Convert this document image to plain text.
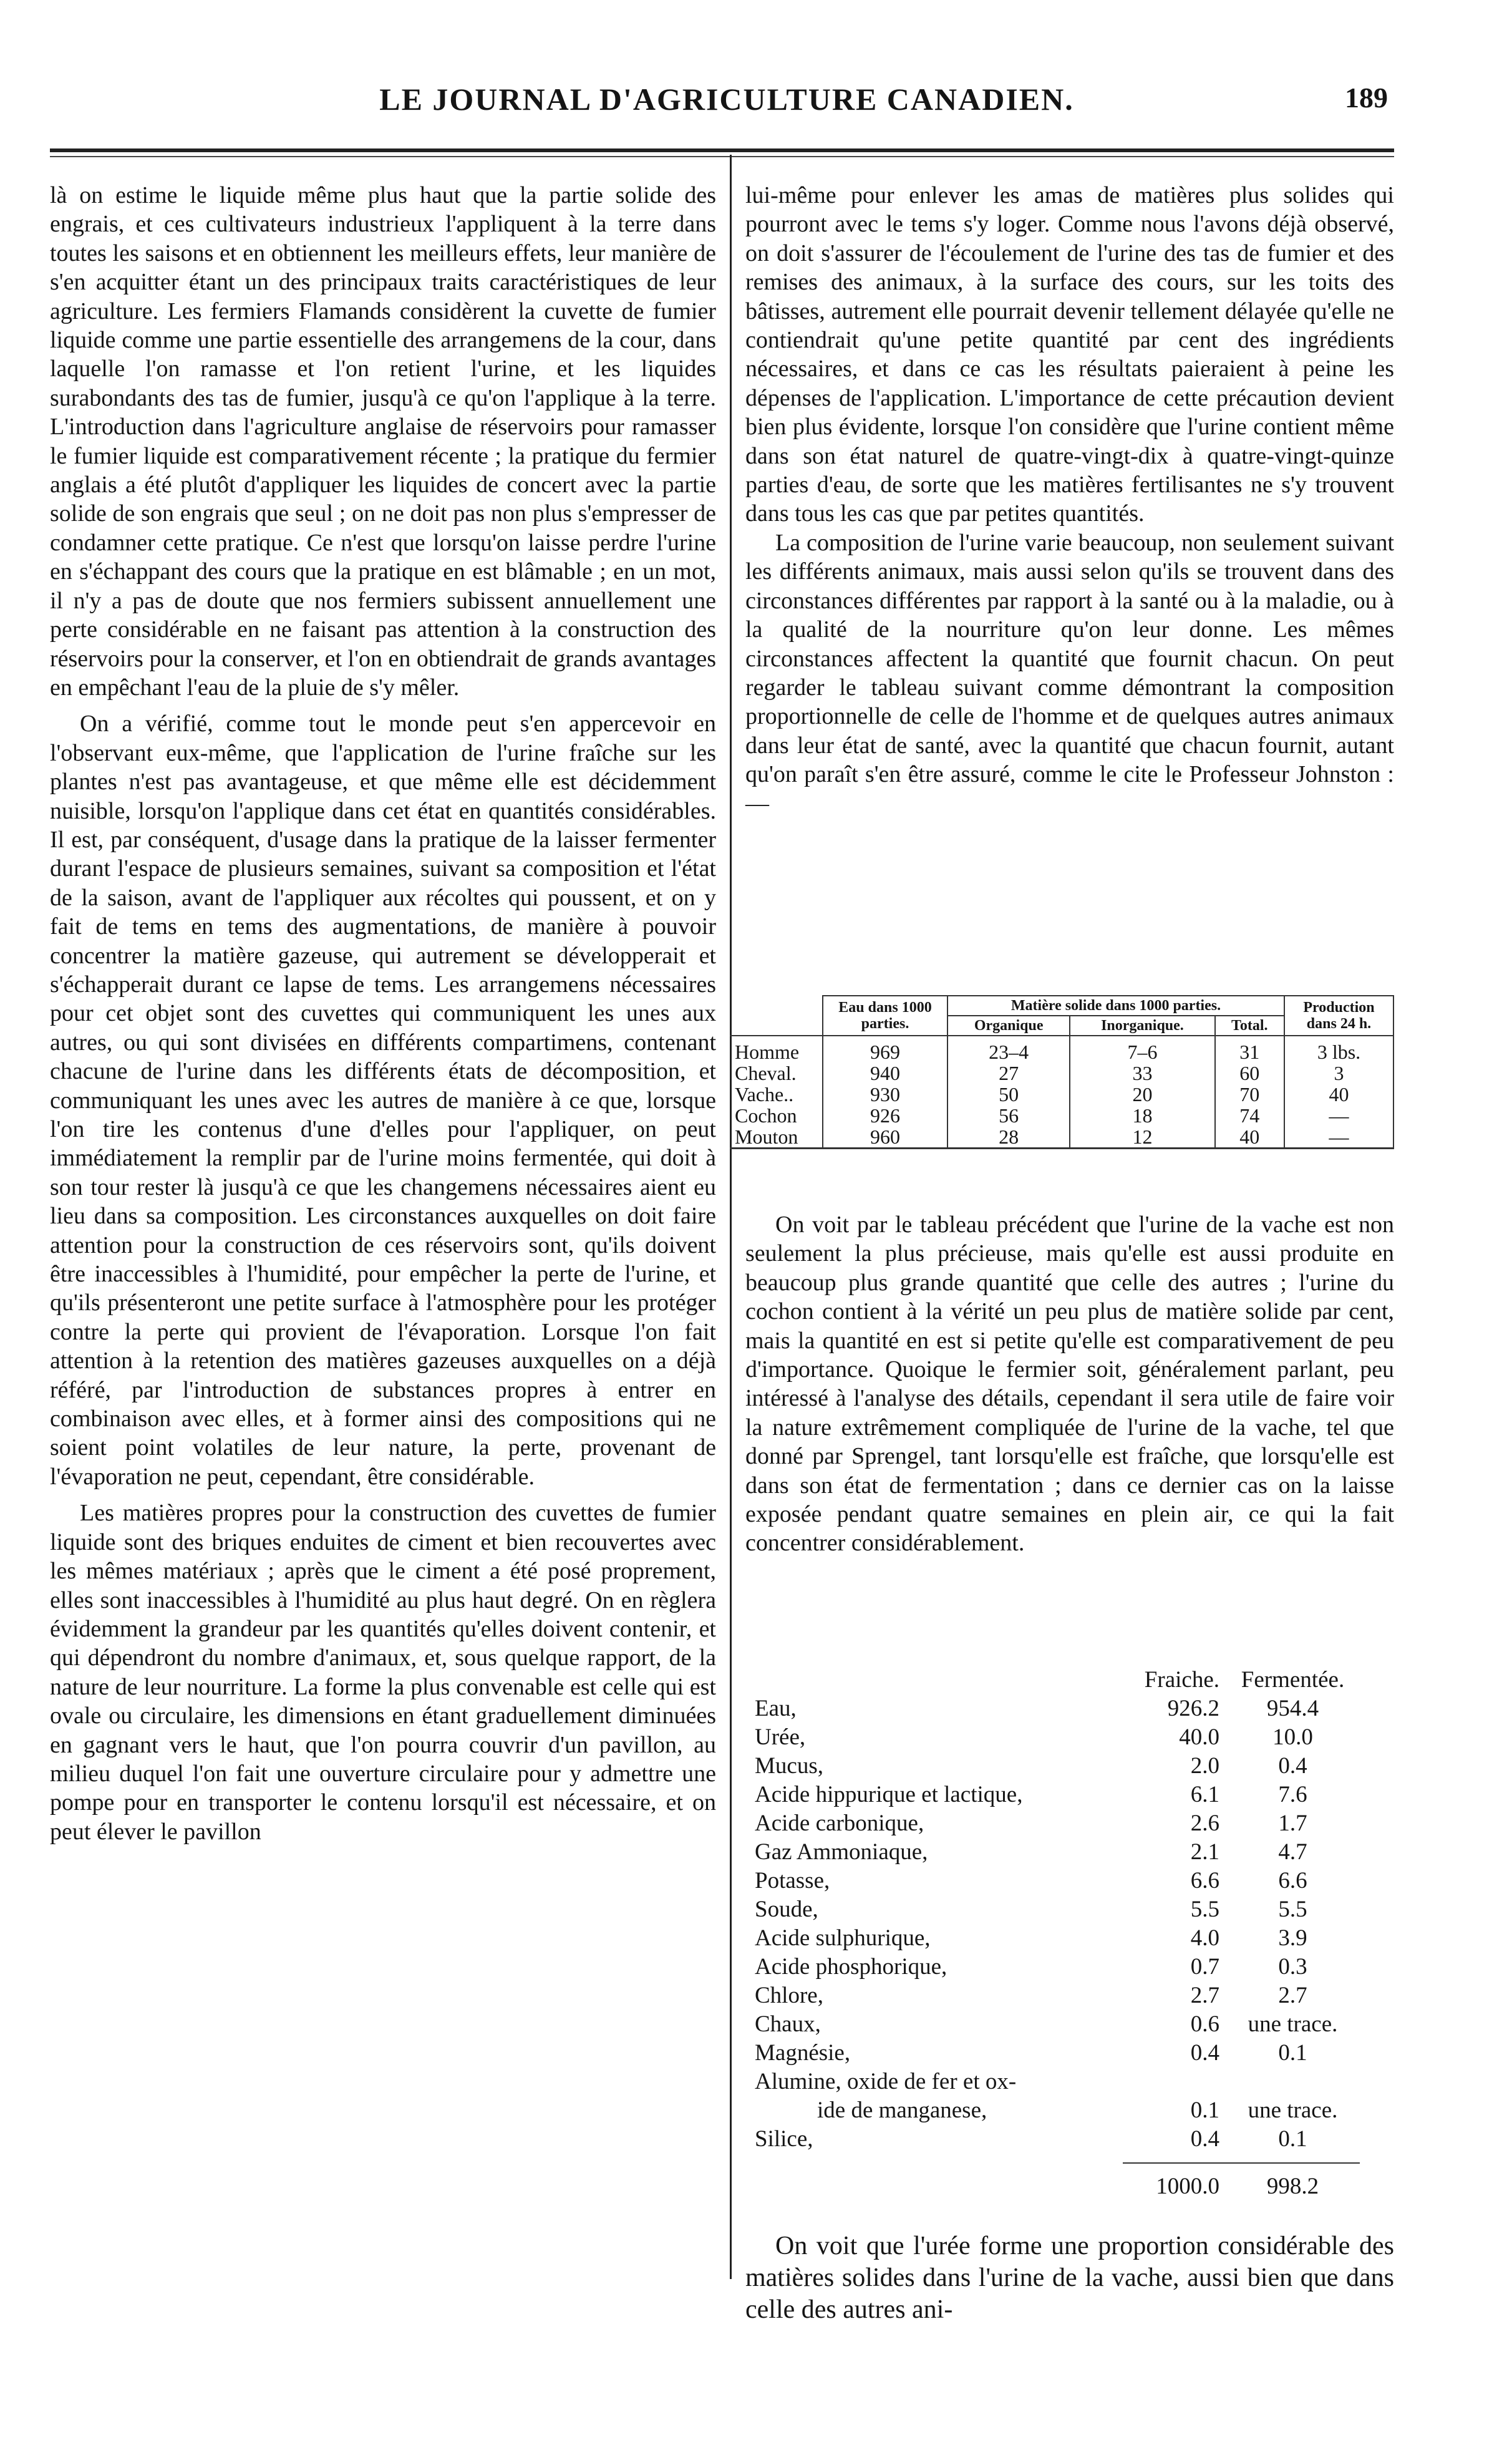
LE JOURNAL D'AGRICULTURE CANADIEN.	189

là on estime le liquide même plus haut que la partie solide des engrais, et ces cultivateurs industrieux l'appliquent à la terre dans toutes les saisons et en obtiennent les meilleurs effets, leur manière de s'en acquitter étant un des principaux traits caractéristiques de leur agriculture. Les fermiers Flamands considèrent la cuvette de fumier liquide comme une partie essentielle des arrangemens de la cour, dans laquelle l'on ramasse et l'on retient l'urine, et les liquides surabondants des tas de fumier, jusqu'à ce qu'on l'applique à la terre. L'introduction dans l'agriculture anglaise de réservoirs pour ramasser le fumier liquide est comparativement récente ; la pratique du fermier anglais a été plutôt d'appliquer les liquides de concert avec la partie solide de son engrais que seul ; on ne doit pas non plus s'empresser de condamner cette pratique. Ce n'est que lorsqu'on laisse perdre l'urine en s'échappant des cours que la pratique en est blâmable ; en un mot, il n'y a pas de doute que nos fermiers subissent annuellement une perte considérable en ne faisant pas attention à la construction des réservoirs pour la conserver, et l'on en obtiendrait de grands avantages en empêchant l'eau de la pluie de s'y mêler.

On a vérifié, comme tout le monde peut s'en appercevoir en l'observant eux-même, que l'application de l'urine fraîche sur les plantes n'est pas avantageuse, et que même elle est décidemment nuisible, lorsqu'on l'applique dans cet état en quantités considérables. Il est, par conséquent, d'usage dans la pratique de la laisser fermenter durant l'espace de plusieurs semaines, suivant sa composition et l'état de la saison, avant de l'appliquer aux récoltes qui poussent, et on y fait de tems en tems des augmentations, de manière à pouvoir concentrer la matière gazeuse, qui autrement se développerait et s'échapperait durant ce lapse de tems. Les arrangemens nécessaires pour cet objet sont des cuvettes qui communiquent les unes aux autres, ou qui sont divisées en différents compartimens, contenant chacune de l'urine dans les différents états de décomposition, et communiquant les unes avec les autres de manière à ce que, lorsque l'on tire les contenus d'une d'elles pour l'appliquer, on peut immédiatement la remplir par de l'urine moins fermentée, qui doit à son tour rester là jusqu'à ce que les changemens nécessaires aient eu lieu dans sa composition. Les circonstances auxquelles on doit faire attention pour la construction de ces réservoirs sont, qu'ils doivent être inaccessibles à l'humidité, pour empêcher la perte de l'urine, et qu'ils présenteront une petite surface à l'atmosphère pour les protéger contre la perte qui provient de l'évaporation. Lorsque l'on fait attention à la retention des matières gazeuses auxquelles on a déjà référé, par l'introduction de substances propres à entrer en combinaison avec elles, et à former ainsi des compositions qui ne soient point volatiles de leur nature, la perte, provenant de l'évaporation ne peut, cependant, être considérable.

Les matières propres pour la construction des cuvettes de fumier liquide sont des briques enduites de ciment et bien recouvertes avec les mêmes matériaux ; après que le ciment a été posé proprement, elles sont inaccessibles à l'humidité au plus haut degré. On en règlera évidemment la grandeur par les quantités qu'elles doivent contenir, et qui dépendront du nombre d'animaux, et, sous quelque rapport, de la nature de leur nourriture. La forme la plus convenable est celle qui est ovale ou circulaire, les dimensions en étant graduellement diminuées en gagnant vers le haut, que l'on pourra couvrir d'un pavillon, au milieu duquel l'on fait une ouverture circulaire pour y admettre une pompe pour en transporter le contenu lorsqu'il est nécessaire, et on peut élever le pavillon

lui-même pour enlever les amas de matières plus solides qui pourront avec le tems s'y loger. Comme nous l'avons déjà observé, on doit s'assurer de l'écoulement de l'urine des tas de fumier et des remises des animaux, à la surface des cours, sur les toits des bâtisses, autrement elle pourrait devenir tellement délayée qu'elle ne contiendrait qu'une petite quantité par cent des ingrédients nécessaires, et dans ce cas les résultats paieraient à peine les dépenses de l'application. L'importance de cette précaution devient bien plus évidente, lorsque l'on considère que l'urine contient même dans son état naturel de quatre-vingt-dix à quatre-vingt-quinze parties d'eau, de sorte que les matières fertilisantes ne s'y trouvent dans tous les cas que par petites quantités.

La composition de l'urine varie beaucoup, non seulement suivant les différents animaux, mais aussi selon qu'ils se trouvent dans des circonstances différentes par rapport à la santé ou à la maladie, ou à la qualité de la nourriture qu'on leur donne. Les mêmes circonstances affectent la quantité que fournit chacun. On peut regarder le tableau suivant comme démontrant la composition proportionnelle de celle de l'homme et de quelques autres animaux dans leur état de santé, avec la quantité que chacun fournit, autant qu'on paraît s'en être assuré, comme le cite le Professeur Johnston :—

	Eau dans 1000 parties.	Matière solide dans 1000 parties.			Production dans 24 h.
		Organique	Inorganique.	Total.	
Homme	969	23–4	7–6	31	3 lbs.
Cheval.	940	27	33	60	3
Vache..	930	50	20	70	40
Cochon	926	56	18	74	—
Mouton	960	28	12	40	—

On voit par le tableau précédent que l'urine de la vache est non seulement la plus précieuse, mais qu'elle est aussi produite en beaucoup plus grande quantité que celle des autres ; l'urine du cochon contient à la vérité un peu plus de matière solide par cent, mais la quantité en est si petite qu'elle est comparativement de peu d'importance. Quoique le fermier soit, généralement parlant, peu intéressé à l'analyse des détails, cependant il sera utile de faire voir la nature extrêmement compliquée de l'urine de la vache, tel que donné par Sprengel, tant lorsqu'elle est fraîche, que lorsqu'elle est dans son état de fermentation ; dans ce dernier cas on la laisse exposée pendant quatre semaines en plein air, ce qui la fait concentrer considérablement.

Fraiche. Fermentée.
Eau,	926.2	954.4
Urée,	40.0	10.0
Mucus,	2.0	0.4
Acide hippurique et lactique,	6.1	7.6
Acide carbonique,	2.6	1.7
Gaz Ammoniaque,	2.1	4.7
Potasse,	6.6	6.6
Soude,	5.5	5.5
Acide sulphurique,	4.0	3.9
Acide phosphorique,	0.7	0.3
Chlore,	2.7	2.7
Chaux,	0.6	une trace.
Magnésie,	0.4	0.1
Alumine, oxide de fer et ox-
ide de manganese,	0.1	une trace.
Silice,	0.4	0.1
1000.0	998.2

On voit que l'urée forme une proportion considérable des matières solides dans l'urine de la vache, aussi bien que dans celle des autres ani-
